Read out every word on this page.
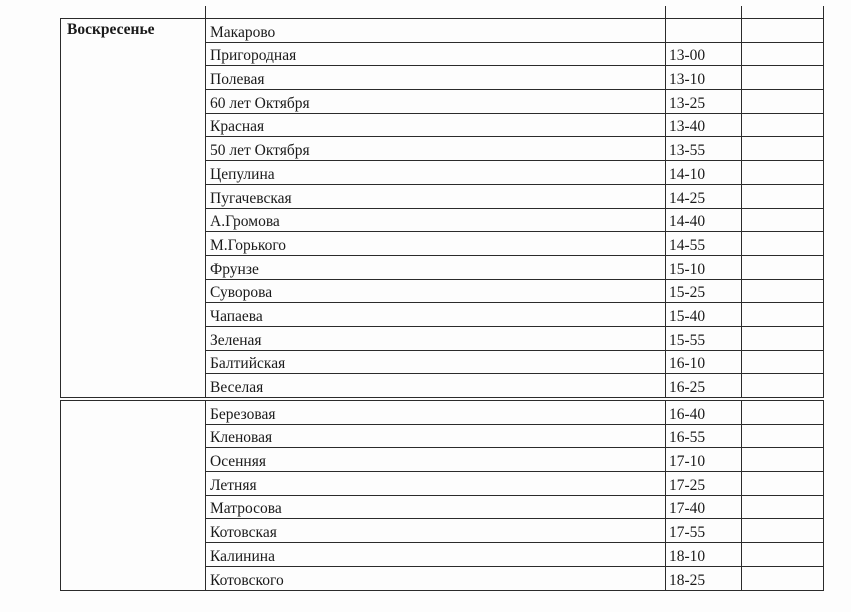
Воскресенье	Макарово		
	Пригородная	13-00	
	Полевая	13-10	
	60 лет Октября	13-25	
	Красная	13-40	
	50 лет Октября	13-55	
	Цепулина	14-10	
	Пугачевская	14-25	
	А.Громова	14-40	
	М.Горького	14-55	
	Фрунзе	15-10	
	Суворова	15-25	
	Чапаева	15-40	
	Зеленая	15-55	
	Балтийская	16-10	
	Веселая	16-25	
	Березовая	16-40	
	Кленовая	16-55	
	Осенняя	17-10	
	Летняя	17-25	
	Матросова	17-40	
	Котовская	17-55	
	Калинина	18-10	
	Котовского	18-25	
